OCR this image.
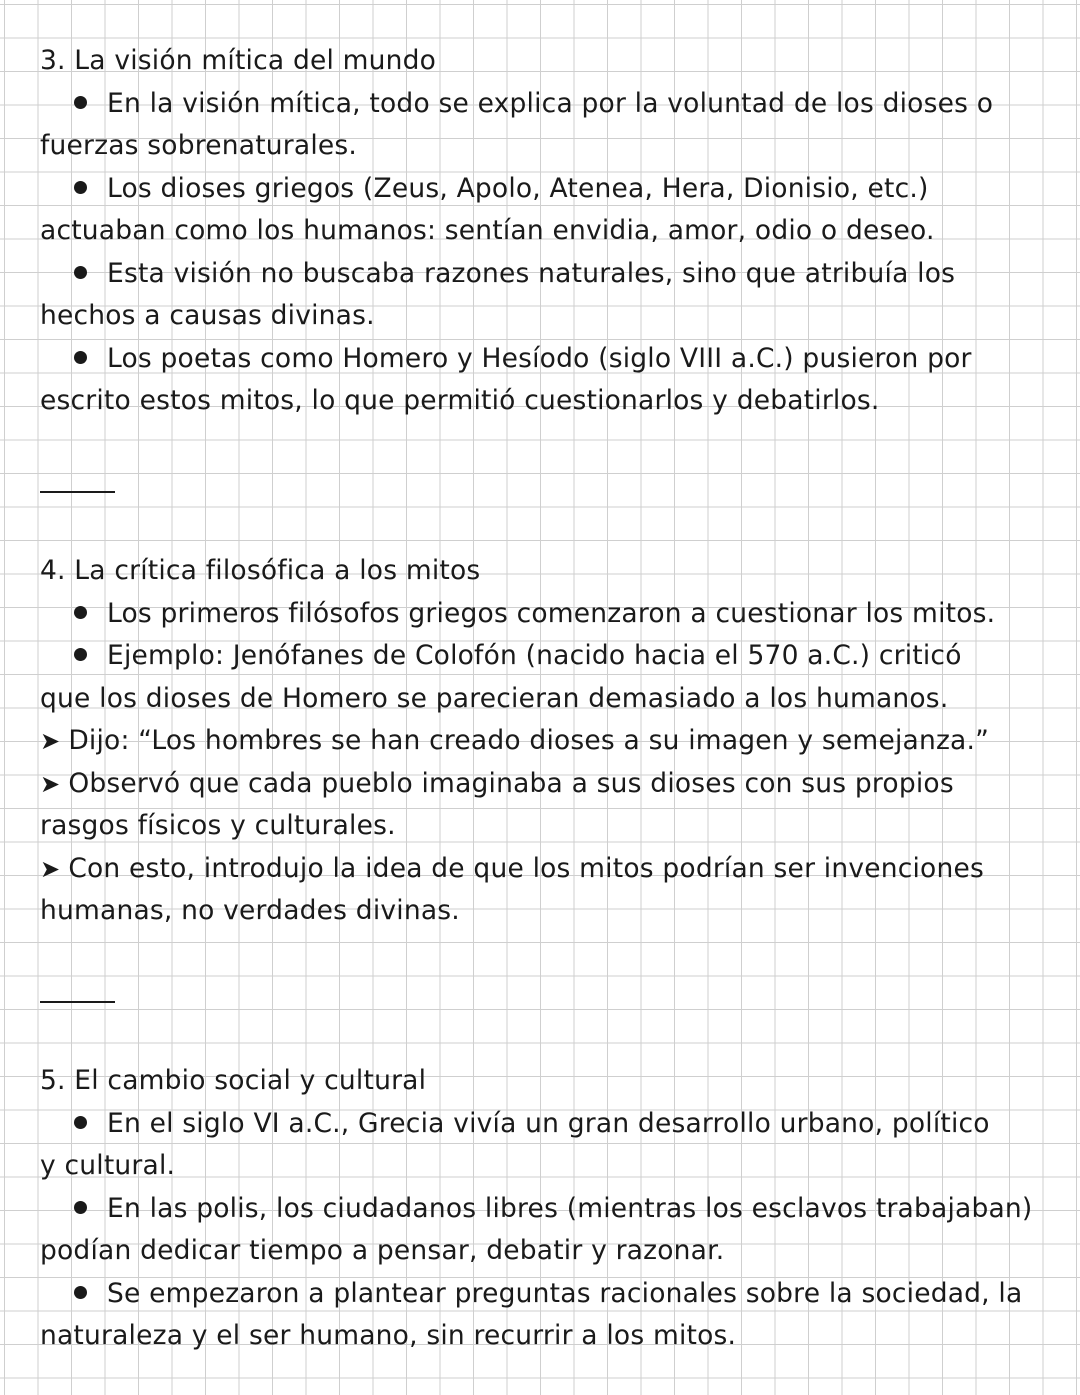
3. La visión mítica del mundo
En la visión mítica, todo se explica por la voluntad de los dioses o
fuerzas sobrenaturales.
Los dioses griegos (Zeus, Apolo, Atenea, Hera, Dionisio, etc.)
actuaban como los humanos: sentían envidia, amor, odio o deseo.
Esta visión no buscaba razones naturales, sino que atribuía los
hechos a causas divinas.
Los poetas como Homero y Hesíodo (siglo VIII a.C.) pusieron por
escrito estos mitos, lo que permitió cuestionarlos y debatirlos.
4. La crítica filosófica a los mitos
Los primeros filósofos griegos comenzaron a cuestionar los mitos.
Ejemplo: Jenófanes de Colofón (nacido hacia el 570 a.C.) criticó
que los dioses de Homero se parecieran demasiado a los humanos.
➤ Dijo: “Los hombres se han creado dioses a su imagen y semejanza.”
➤ Observó que cada pueblo imaginaba a sus dioses con sus propios
rasgos físicos y culturales.
➤ Con esto, introdujo la idea de que los mitos podrían ser invenciones
humanas, no verdades divinas.
5. El cambio social y cultural
En el siglo VI a.C., Grecia vivía un gran desarrollo urbano, político
y cultural.
En las polis, los ciudadanos libres (mientras los esclavos trabajaban)
podían dedicar tiempo a pensar, debatir y razonar.
Se empezaron a plantear preguntas racionales sobre la sociedad, la
naturaleza y el ser humano, sin recurrir a los mitos.
